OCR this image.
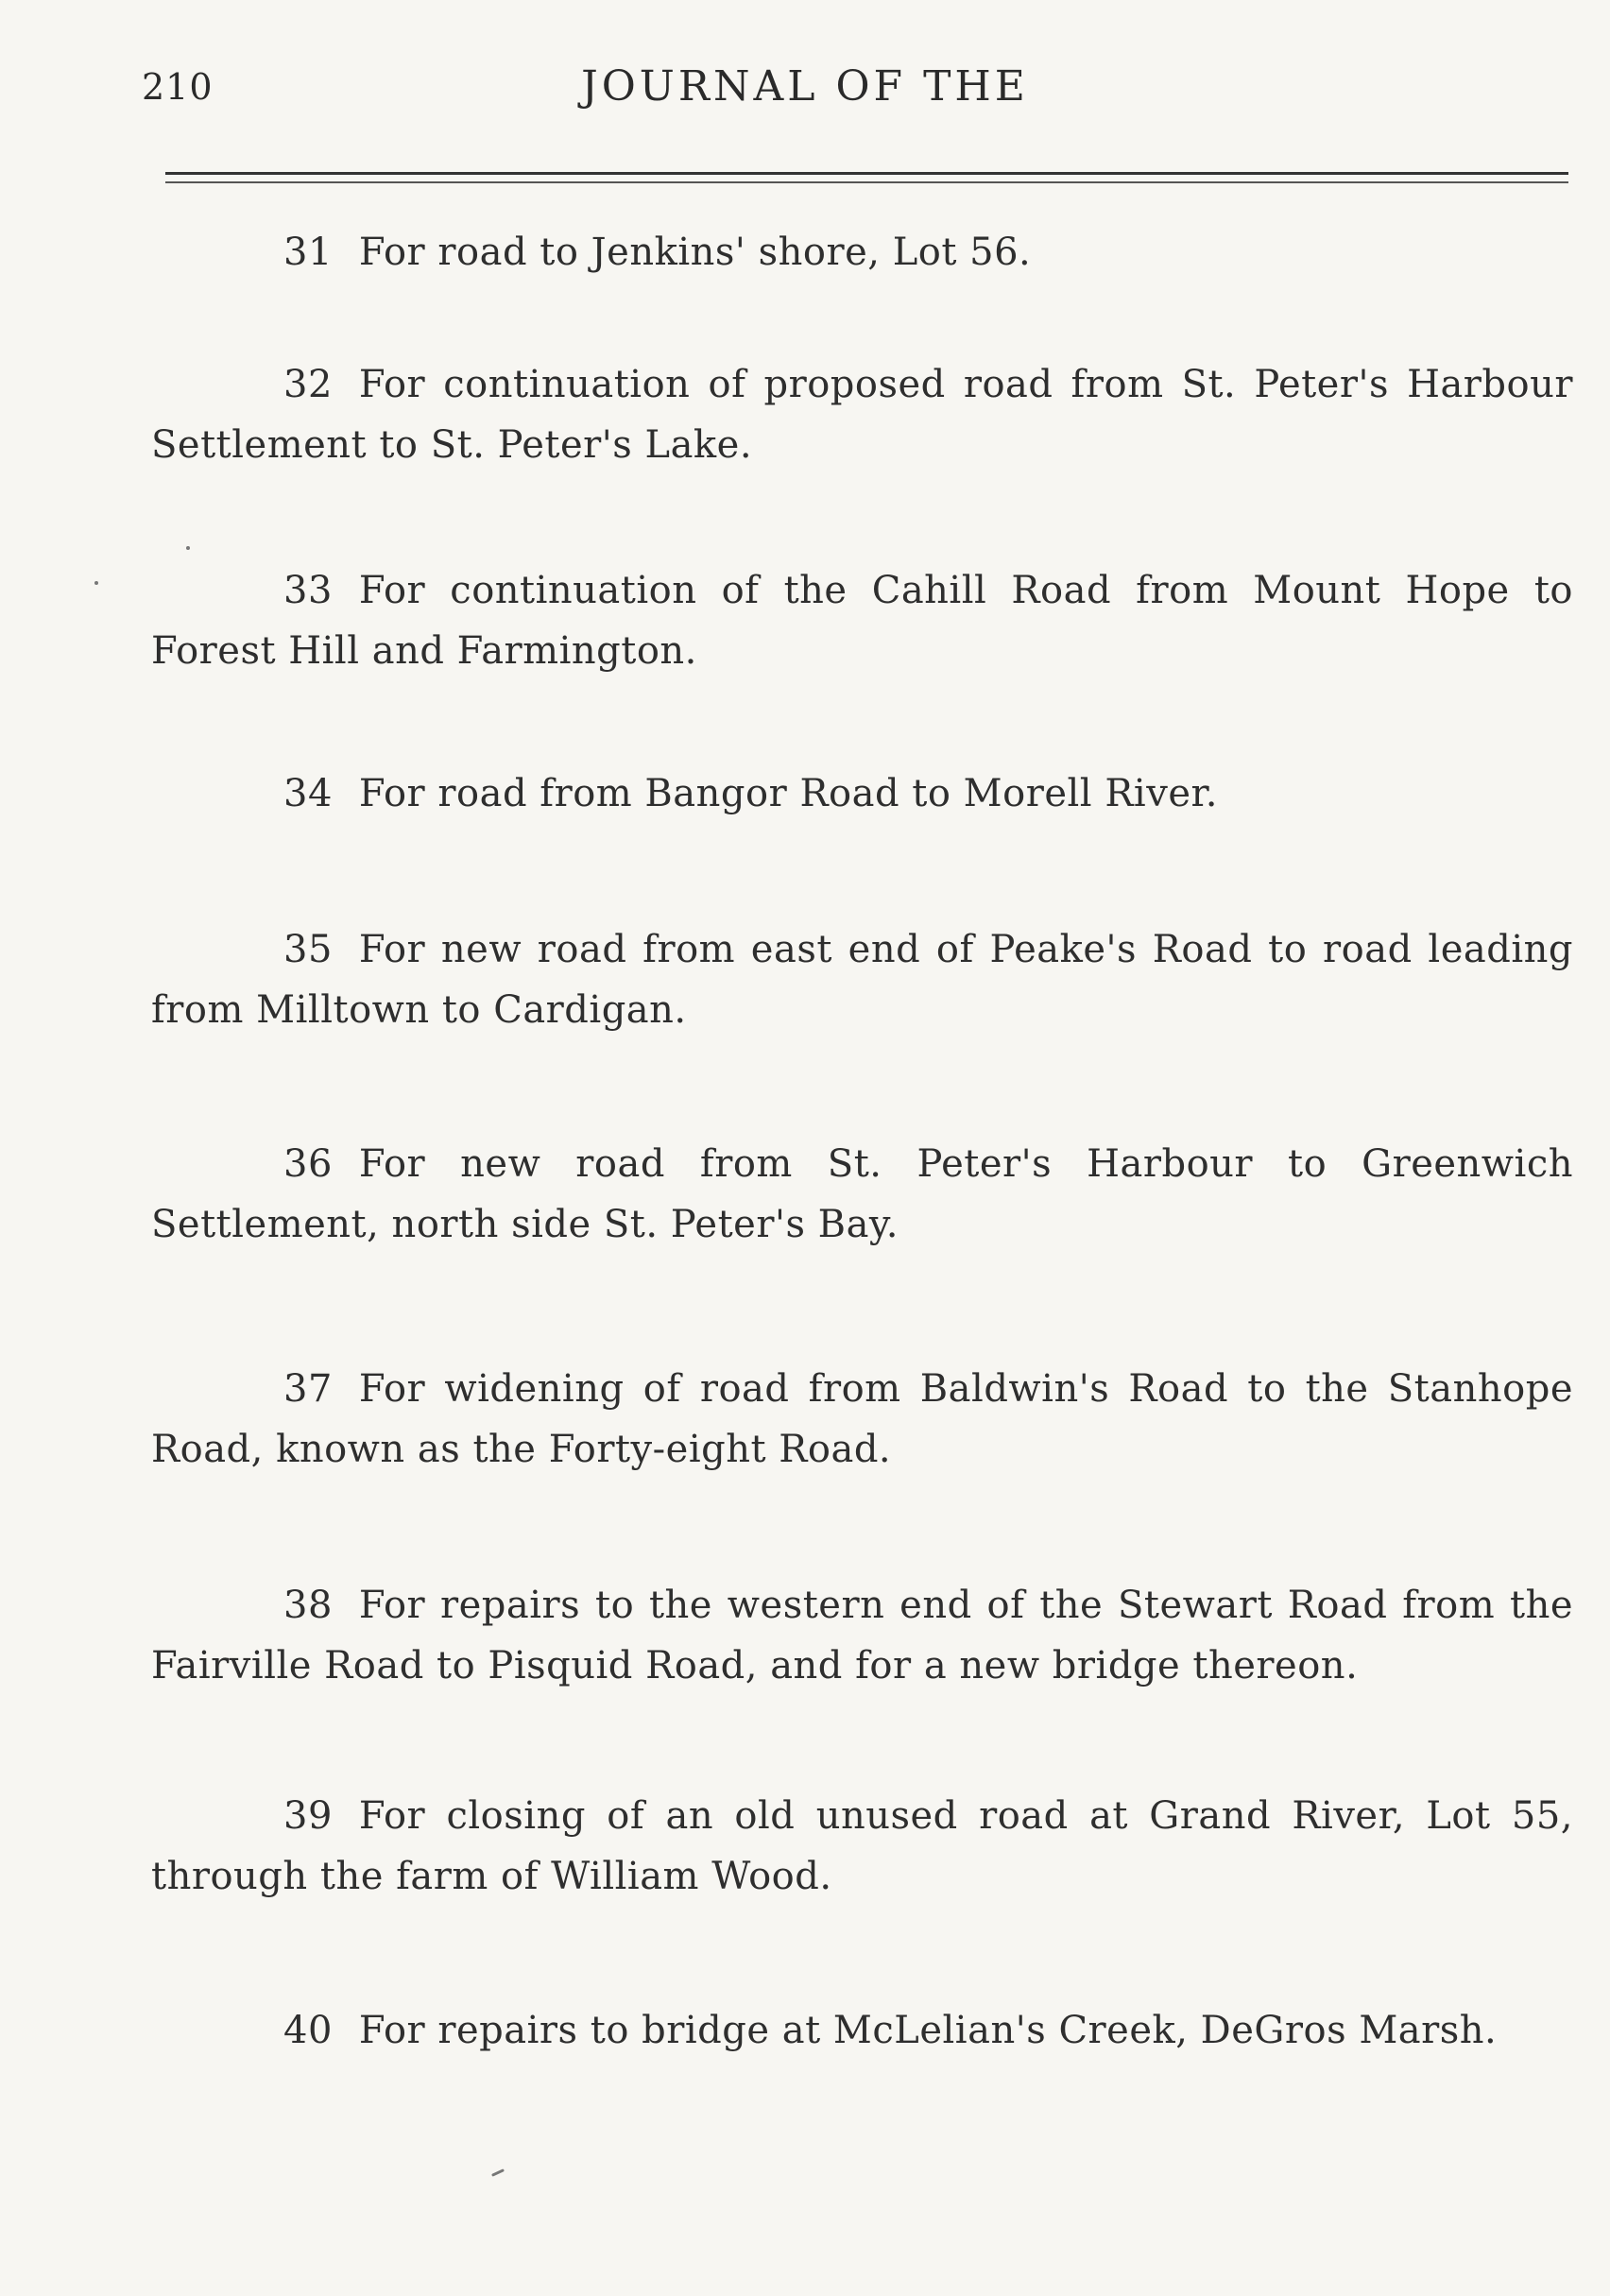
210	JOURNAL OF THE
31 For road to Jenkins' shore, Lot 56.
32 For continuation of proposed road from St. Peter's Harbour Settlement to St. Peter's Lake.
33 For continuation of the Cahill Road from Mount Hope to Forest Hill and Farmington.
34 For road from Bangor Road to Morell River.
35 For new road from east end of Peake's Road to road leading from Milltown to Cardigan.
36 For new road from St. Peter's Harbour to Greenwich Settlement, north side St. Peter's Bay.
37 For widening of road from Baldwin's Road to the Stanhope Road, known as the Forty-eight Road.
38 For repairs to the western end of the Stewart Road from the Fairville Road to Pisquid Road, and for a new bridge thereon.
39 For closing of an old unused road at Grand River, Lot 55, through the farm of William Wood.
40 For repairs to bridge at McLelian's Creek, DeGros Marsh.
